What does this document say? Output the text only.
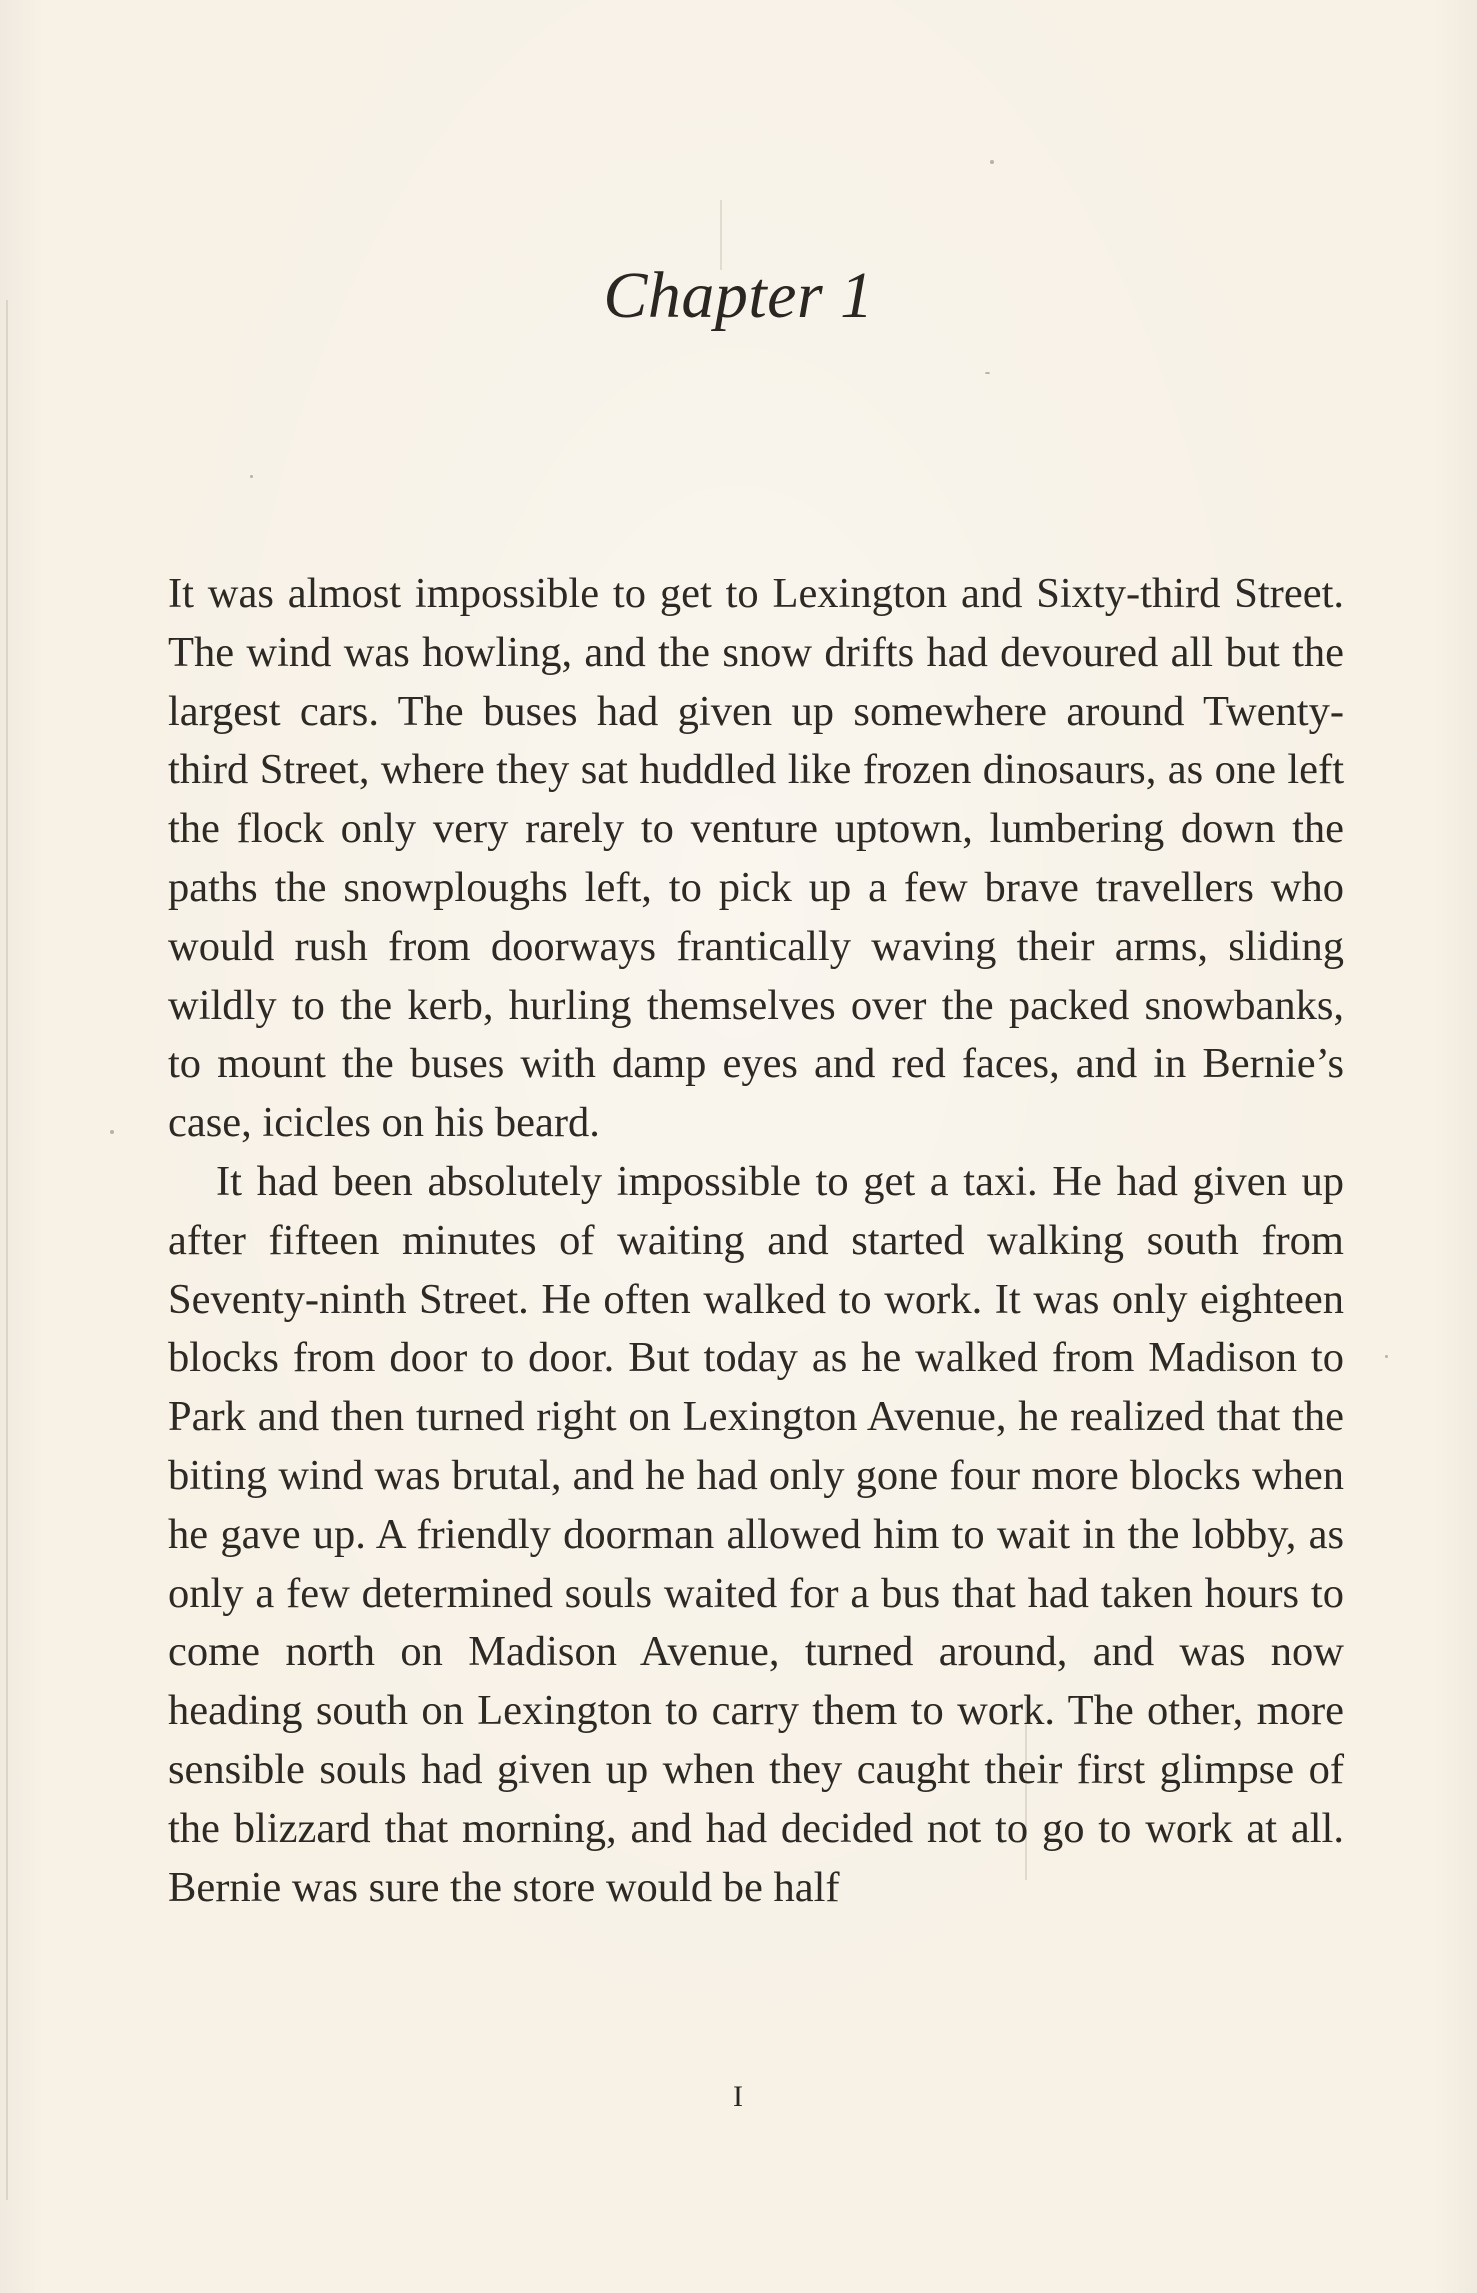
Chapter 1

It was almost impossible to get to Lexington and Sixty-third Street. The wind was howling, and the snow drifts had devoured all but the largest cars. The buses had given up somewhere around Twenty-third Street, where they sat huddled like frozen dinosaurs, as one left the flock only very rarely to venture uptown, lumbering down the paths the snowploughs left, to pick up a few brave travellers who would rush from doorways frantically waving their arms, sliding wildly to the kerb, hurling themselves over the packed snowbanks, to mount the buses with damp eyes and red faces, and in Bernie’s case, icicles on his beard.

It had been absolutely impossible to get a taxi. He had given up after fifteen minutes of waiting and started walking south from Seventy-ninth Street. He often walked to work. It was only eighteen blocks from door to door. But today as he walked from Madison to Park and then turned right on Lexington Avenue, he realized that the biting wind was brutal, and he had only gone four more blocks when he gave up. A friendly doorman allowed him to wait in the lobby, as only a few determined souls waited for a bus that had taken hours to come north on Madison Avenue, turned around, and was now heading south on Lexington to carry them to work. The other, more sensible souls had given up when they caught their first glimpse of the blizzard that morning, and had decided not to go to work at all. Bernie was sure the store would be half

I
